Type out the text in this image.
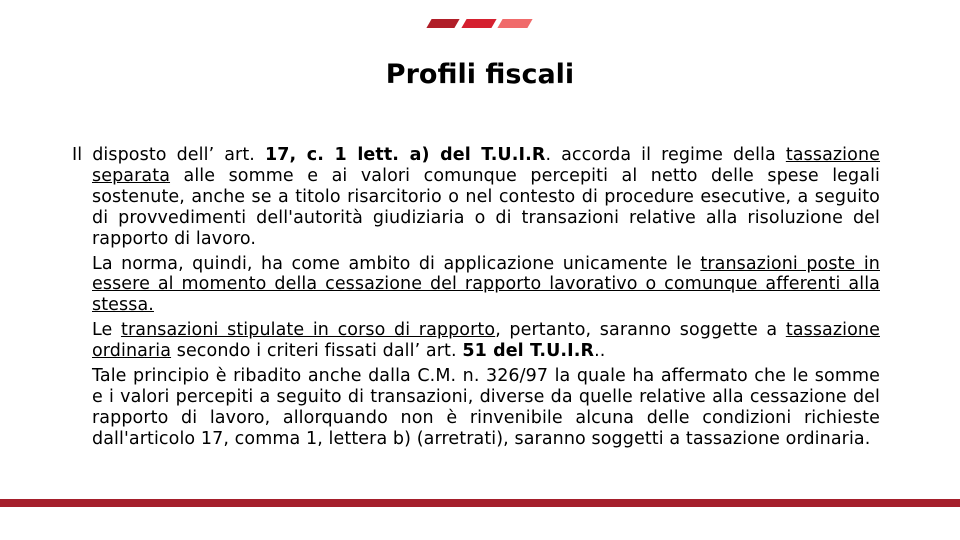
Profili fiscali
Il disposto dell’ art. 17, c. 1 lett. a) del T.U.I.R. accorda il regime della tassazione separata alle somme e ai valori comunque percepiti al netto delle spese legali sostenute, anche se a titolo risarcitorio o nel contesto di procedure esecutive, a seguito di provvedimenti dell'autorità giudiziaria o di transazioni relative alla risoluzione del rapporto di lavoro.
La norma, quindi, ha come ambito di applicazione unicamente le transazioni poste in essere al momento della cessazione del rapporto lavorativo o comunque afferenti alla stessa.
Le transazioni stipulate in corso di rapporto, pertanto, saranno soggette a tassazione ordinaria secondo i criteri fissati dall’ art. 51 del T.U.I.R..
Tale principio è ribadito anche dalla C.M. n. 326/97 la quale ha affermato che le somme e i valori percepiti a seguito di transazioni, diverse da quelle relative alla cessazione del rapporto di lavoro, allorquando non è rinvenibile alcuna delle condizioni richieste dall'articolo 17, comma 1, lettera b) (arretrati), saranno soggetti a tassazione ordinaria.
